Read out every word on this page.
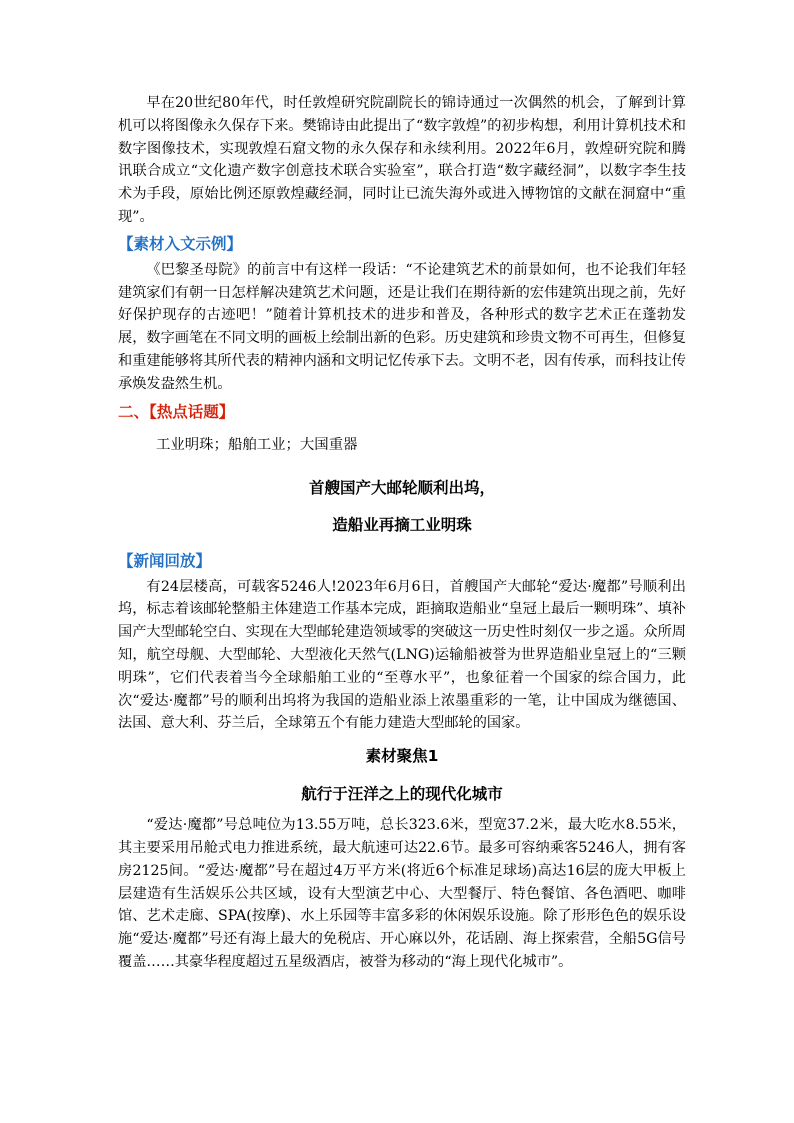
早在20世纪80年代，时任敦煌研究院副院长的锦诗通过一次偶然的机会，了解到计算机可以将图像永久保存下来。樊锦诗由此提出了“数字敦煌”的初步构想，利用计算机技术和数字图像技术，实现敦煌石窟文物的永久保存和永续利用。2022年6月，敦煌研究院和腾讯联合成立“文化遗产数字创意技术联合实验室”，联合打造“数字藏经洞”，以数字李生技术为手段，原始比例还原敦煌藏经洞，同时让已流失海外或进入博物馆的文献在洞窟中“重现”。

【素材入文示例】

《巴黎圣母院》的前言中有这样一段话：“不论建筑艺术的前景如何，也不论我们年轻建筑家们有朝一日怎样解决建筑艺术问题，还是让我们在期待新的宏伟建筑出现之前，先好好保护现存的古迹吧！”随着计算机技术的进步和普及，各种形式的数字艺术正在蓬勃发展，数字画笔在不同文明的画板上绘制出新的色彩。历史建筑和珍贵文物不可再生，但修复和重建能够将其所代表的精神内涵和文明记忆传承下去。文明不老，因有传承，而科技让传承焕发盎然生机。

二、【热点话题】

工业明珠；船舶工业；大国重器

首艘国产大邮轮顺利出坞，

造船业再摘工业明珠

【新闻回放】

有24层楼高，可载客5246人!2023年6月6日，首艘国产大邮轮“爱达·魔都”号顺利出坞，标志着该邮轮整船主体建造工作基本完成，距摘取造船业“皇冠上最后一颗明珠”、填补国产大型邮轮空白、实现在大型邮轮建造领域零的突破这一历史性时刻仅一步之遥。众所周知，航空母舰、大型邮轮、大型液化天然气(LNG)运输船被誉为世界造船业皇冠上的“三颗明珠”，它们代表着当今全球船舶工业的“至尊水平”，也象征着一个国家的综合国力，此次“爱达·魔都”号的顺利出坞将为我国的造船业添上浓墨重彩的一笔，让中国成为继德国、法国、意大利、芬兰后，全球第五个有能力建造大型邮轮的国家。

素材聚焦1

航行于汪洋之上的现代化城市

“爱达·魔都”号总吨位为13.55万吨，总长323.6米，型宽37.2米，最大吃水8.55米，其主要采用吊舱式电力推进系统，最大航速可达22.6节。最多可容纳乘客5246人，拥有客房2125间。“爱达·魔都”号在超过4万平方米(将近6个标准足球场)高达16层的庞大甲板上层建造有生活娱乐公共区域，设有大型演艺中心、大型餐厅、特色餐馆、各色酒吧、咖啡馆、艺术走廊、SPA(按摩)、水上乐园等丰富多彩的休闲娱乐设施。除了形形色色的娱乐设施“爱达·魔都”号还有海上最大的免税店、开心麻以外，花话剧、海上探索营，全船5G信号覆盖……其豪华程度超过五星级酒店，被誉为移动的“海上现代化城市”。
